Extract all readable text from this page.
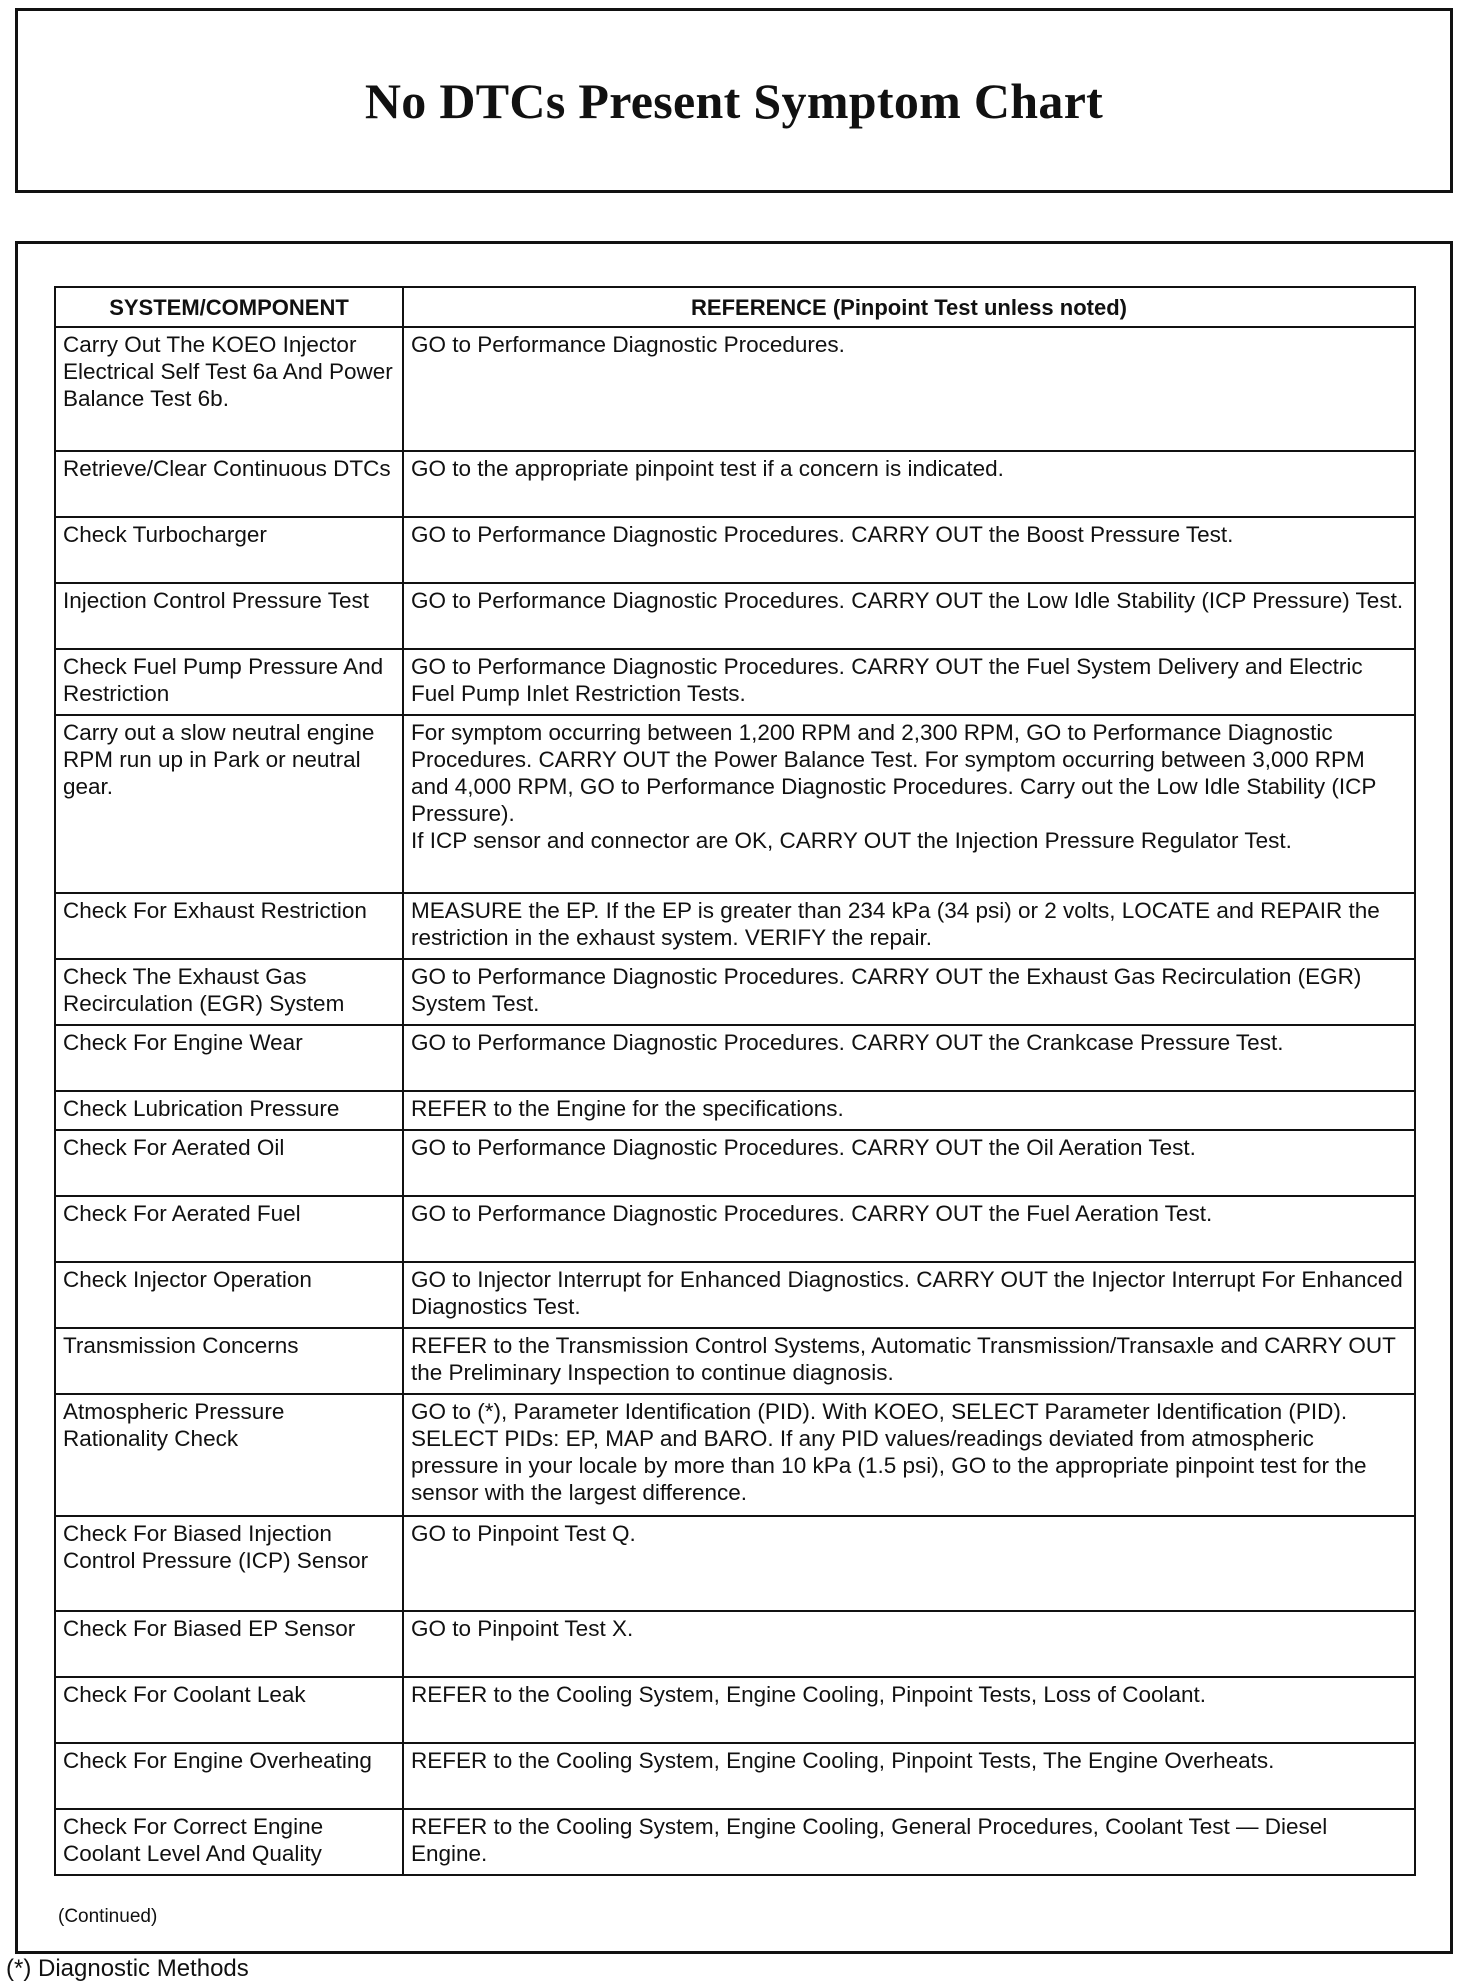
No DTCs Present Symptom Chart
SYSTEM/COMPONENT	REFERENCE (Pinpoint Test unless noted)
Carry Out The KOEO Injector Electrical Self Test 6a And Power Balance Test 6b.	GO to Performance Diagnostic Procedures.
Retrieve/Clear Continuous DTCs	GO to the appropriate pinpoint test if a concern is indicated.
Check Turbocharger	GO to Performance Diagnostic Procedures. CARRY OUT the Boost Pressure Test.
Injection Control Pressure Test	GO to Performance Diagnostic Procedures. CARRY OUT the Low Idle Stability (ICP Pressure) Test.
Check Fuel Pump Pressure And Restriction	GO to Performance Diagnostic Procedures. CARRY OUT the Fuel System Delivery and Electric Fuel Pump Inlet Restriction Tests.
Carry out a slow neutral engine RPM run up in Park or neutral gear.	For symptom occurring between 1,200 RPM and 2,300 RPM, GO to Performance Diagnostic Procedures. CARRY OUT the Power Balance Test. For symptom occurring between 3,000 RPM and 4,000 RPM, GO to Performance Diagnostic Procedures. Carry out the Low Idle Stability (ICP Pressure).
If ICP sensor and connector are OK, CARRY OUT the Injection Pressure Regulator Test.
Check For Exhaust Restriction	MEASURE the EP. If the EP is greater than 234 kPa (34 psi) or 2 volts, LOCATE and REPAIR the restriction in the exhaust system. VERIFY the repair.
Check The Exhaust Gas Recirculation (EGR) System	GO to Performance Diagnostic Procedures. CARRY OUT the Exhaust Gas Recirculation (EGR) System Test.
Check For Engine Wear	GO to Performance Diagnostic Procedures. CARRY OUT the Crankcase Pressure Test.
Check Lubrication Pressure	REFER to the Engine for the specifications.
Check For Aerated Oil	GO to Performance Diagnostic Procedures. CARRY OUT the Oil Aeration Test.
Check For Aerated Fuel	GO to Performance Diagnostic Procedures. CARRY OUT the Fuel Aeration Test.
Check Injector Operation	GO to Injector Interrupt for Enhanced Diagnostics. CARRY OUT the Injector Interrupt For Enhanced Diagnostics Test.
Transmission Concerns	REFER to the Transmission Control Systems, Automatic Transmission/Transaxle and CARRY OUT the Preliminary Inspection to continue diagnosis.
Atmospheric Pressure Rationality Check	GO to (*), Parameter Identification (PID). With KOEO, SELECT Parameter Identification (PID). SELECT PIDs: EP, MAP and BARO. If any PID values/readings deviated from atmospheric pressure in your locale by more than 10 kPa (1.5 psi), GO to the appropriate pinpoint test for the sensor with the largest difference.
Check For Biased Injection Control Pressure (ICP) Sensor	GO to Pinpoint Test Q.
Check For Biased EP Sensor	GO to Pinpoint Test X.
Check For Coolant Leak	REFER to the Cooling System, Engine Cooling, Pinpoint Tests, Loss of Coolant.
Check For Engine Overheating	REFER to the Cooling System, Engine Cooling, Pinpoint Tests, The Engine Overheats.
Check For Correct Engine Coolant Level And Quality	REFER to the Cooling System, Engine Cooling, General Procedures, Coolant Test — Diesel Engine.
(Continued)
(*) Diagnostic Methods
